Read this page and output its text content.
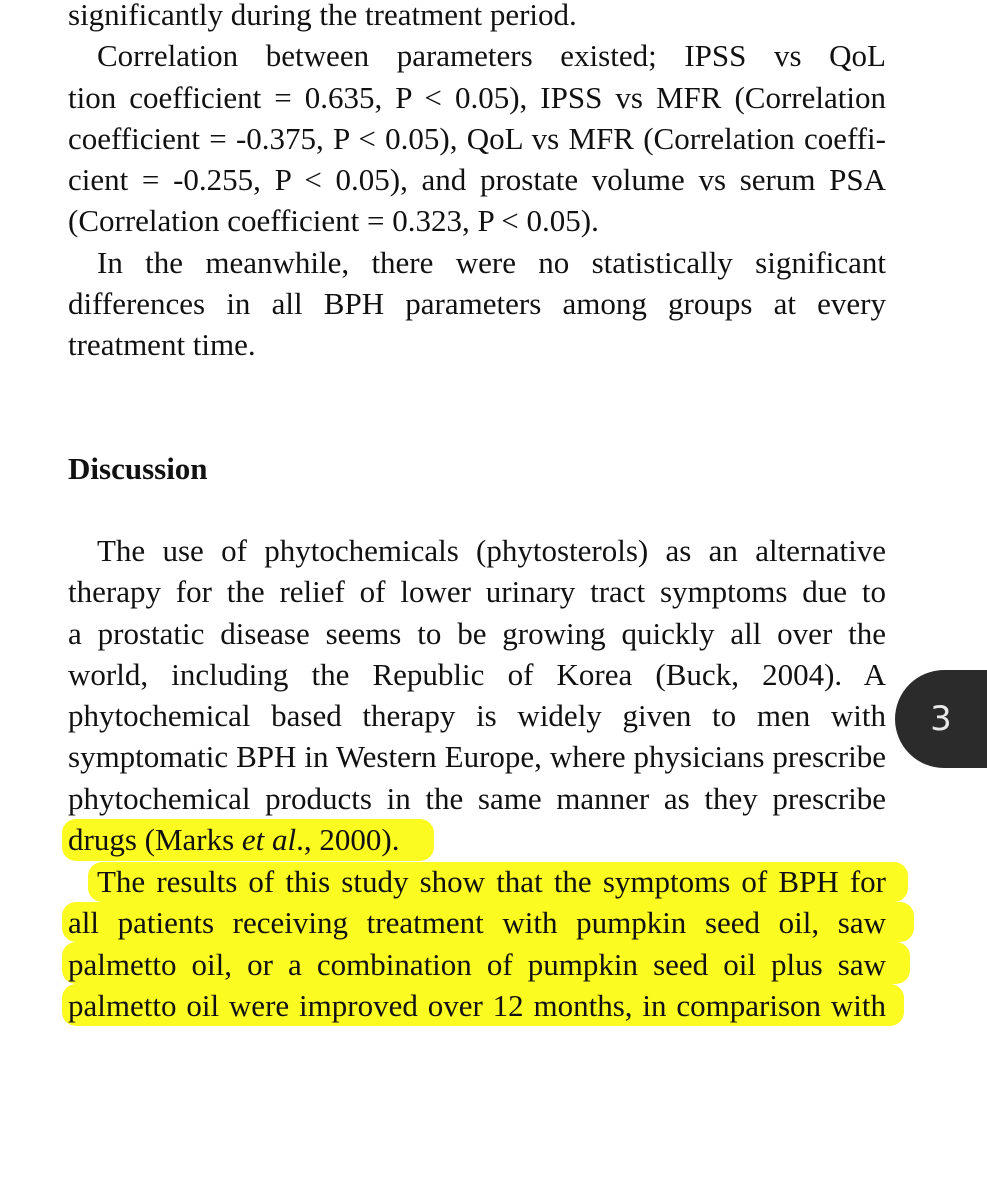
significantly during the treatment period.
Correlation between parameters existed; IPSS vs QoL
tion coefficient = 0.635, P < 0.05), IPSS vs MFR (Correlation
coefficient = -0.375, P < 0.05), QoL vs MFR (Correlation coeffi-
cient = -0.255, P < 0.05), and prostate volume vs serum PSA
(Correlation coefficient = 0.323, P < 0.05).
In the meanwhile, there were no statistically significant
differences in all BPH parameters among groups at every
treatment time.
Discussion
The use of phytochemicals (phytosterols) as an alternative
therapy for the relief of lower urinary tract symptoms due to
a prostatic disease seems to be growing quickly all over the
world, including the Republic of Korea (Buck, 2004). A
phytochemical based therapy is widely given to men with
symptomatic BPH in Western Europe, where physicians prescribe
phytochemical products in the same manner as they prescribe
drugs (Marks et al., 2000).
The results of this study show that the symptoms of BPH for
all patients receiving treatment with pumpkin seed oil, saw
palmetto oil, or a combination of pumpkin seed oil plus saw
palmetto oil were improved over 12 months, in comparison with
3
